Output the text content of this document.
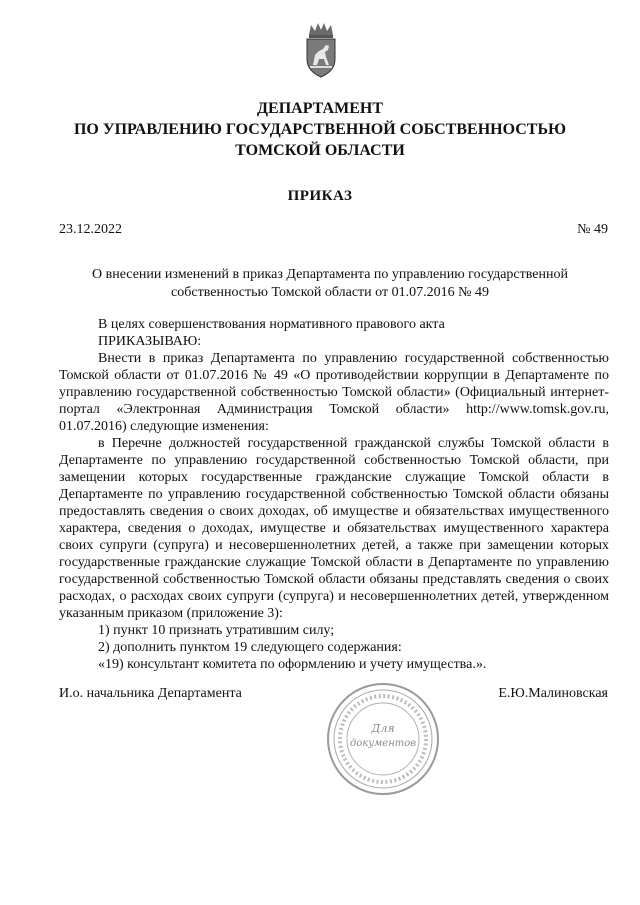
ДЕПАРТАМЕНТ
ПО УПРАВЛЕНИЮ ГОСУДАРСТВЕННОЙ СОБСТВЕННОСТЬЮ
ТОМСКОЙ ОБЛАСТИ
ПРИКАЗ
23.12.2022	№ 49
О внесении изменений в приказ Департамента по управлению государственной
собственностью Томской области от 01.07.2016 № 49

В целях совершенствования нормативного правового акта

ПРИКАЗЫВАЮ:

Внести в приказ Департамента по управлению государственной собственностью Томской области от 01.07.2016 № 49 «О противодействии коррупции в Департаменте по управлению государственной собственностью Томской области» (Официальный интернет-портал «Электронная Администрация Томской области» http://www.tomsk.gov.ru, 01.07.2016) следующие изменения:

в Перечне должностей государственной гражданской службы Томской области в Департаменте по управлению государственной собственностью Томской области, при замещении которых государственные гражданские служащие Томской области в Департаменте по управлению государственной собственностью Томской области обязаны предоставлять сведения о своих доходах, об имуществе и обязательствах имущественного характера, сведения о доходах, имуществе и обязательствах имущественного характера своих супруги (супруга) и несовершеннолетних детей, а также при замещении которых государственные гражданские служащие Томской области в Департаменте по управлению государственной собственностью Томской области обязаны представлять сведения о своих расходах, о расходах своих супруги (супруга) и несовершеннолетних детей, утвержденном указанным приказом (приложение 3):

1) пункт 10 признать утратившим силу;

2) дополнить пунктом 19 следующего содержания:

«19) консультант комитета по оформлению и учету имущества.».

И.о. начальника Департамента	Е.Ю.Малиновская
Для
документов
